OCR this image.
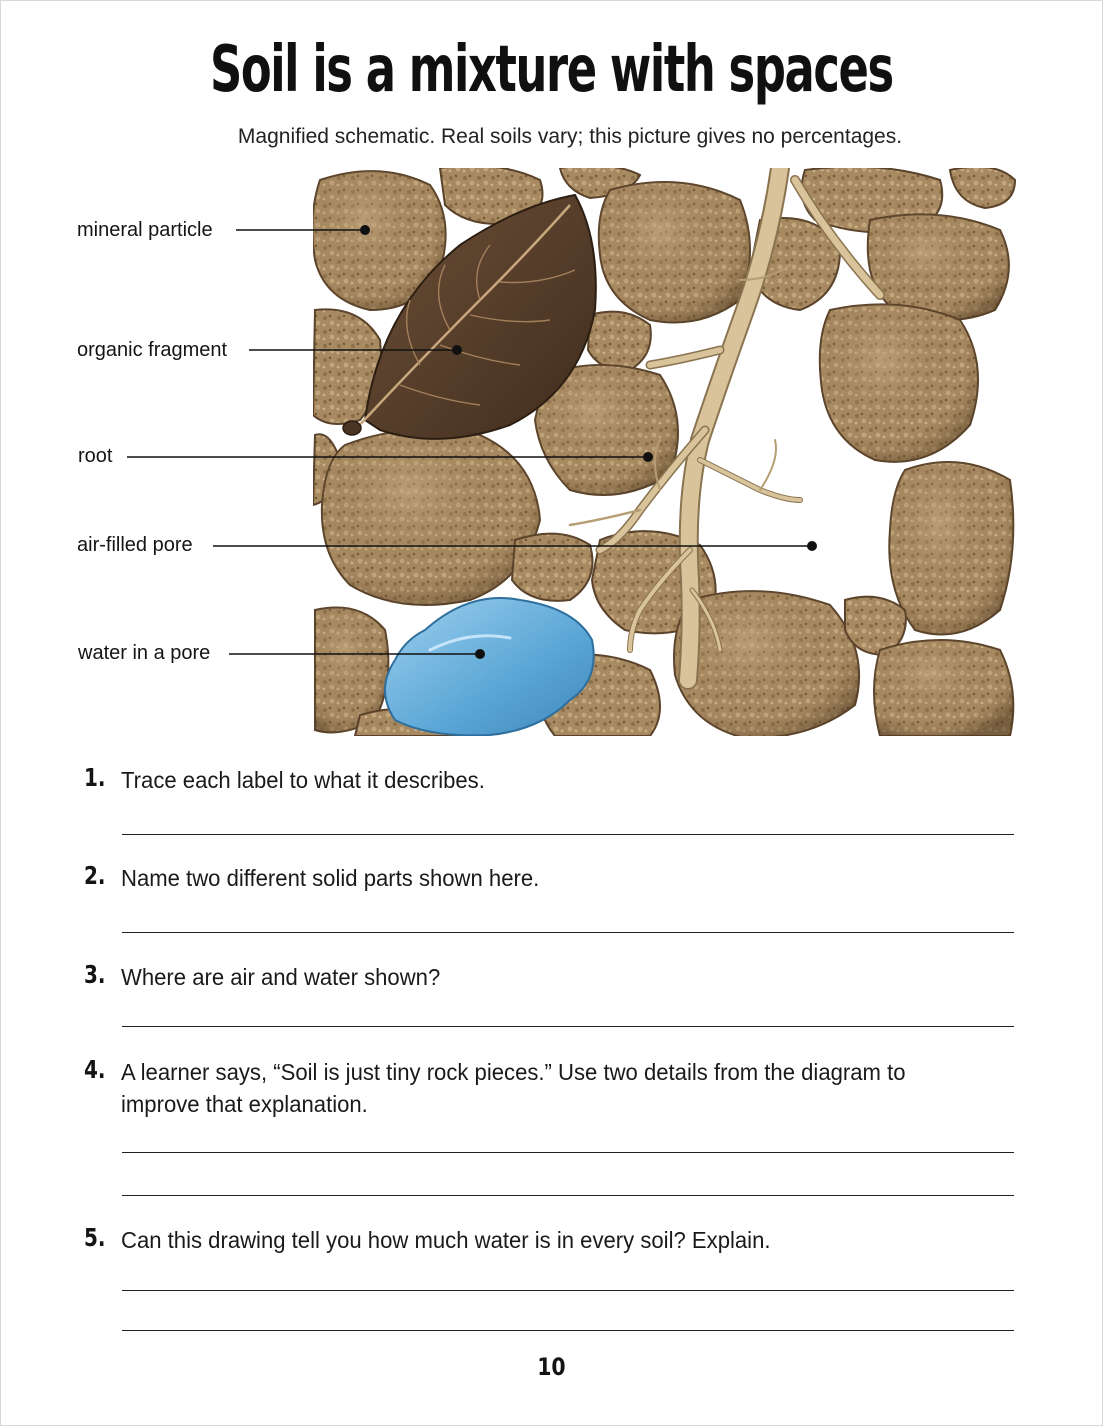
Soil is a mixture with spaces

Magnified schematic. Real soils vary; this picture gives no percentages.

mineral particle
organic fragment
root
air-filled pore
water in a pore
1. Trace each label to what it describes.
2. Name two different solid parts shown here.
3. Where are air and water shown?
4. A learner says, “Soil is just tiny rock pieces.” Use two details from the diagram to improve that explanation.
5. Can this drawing tell you how much water is in every soil? Explain.
10
